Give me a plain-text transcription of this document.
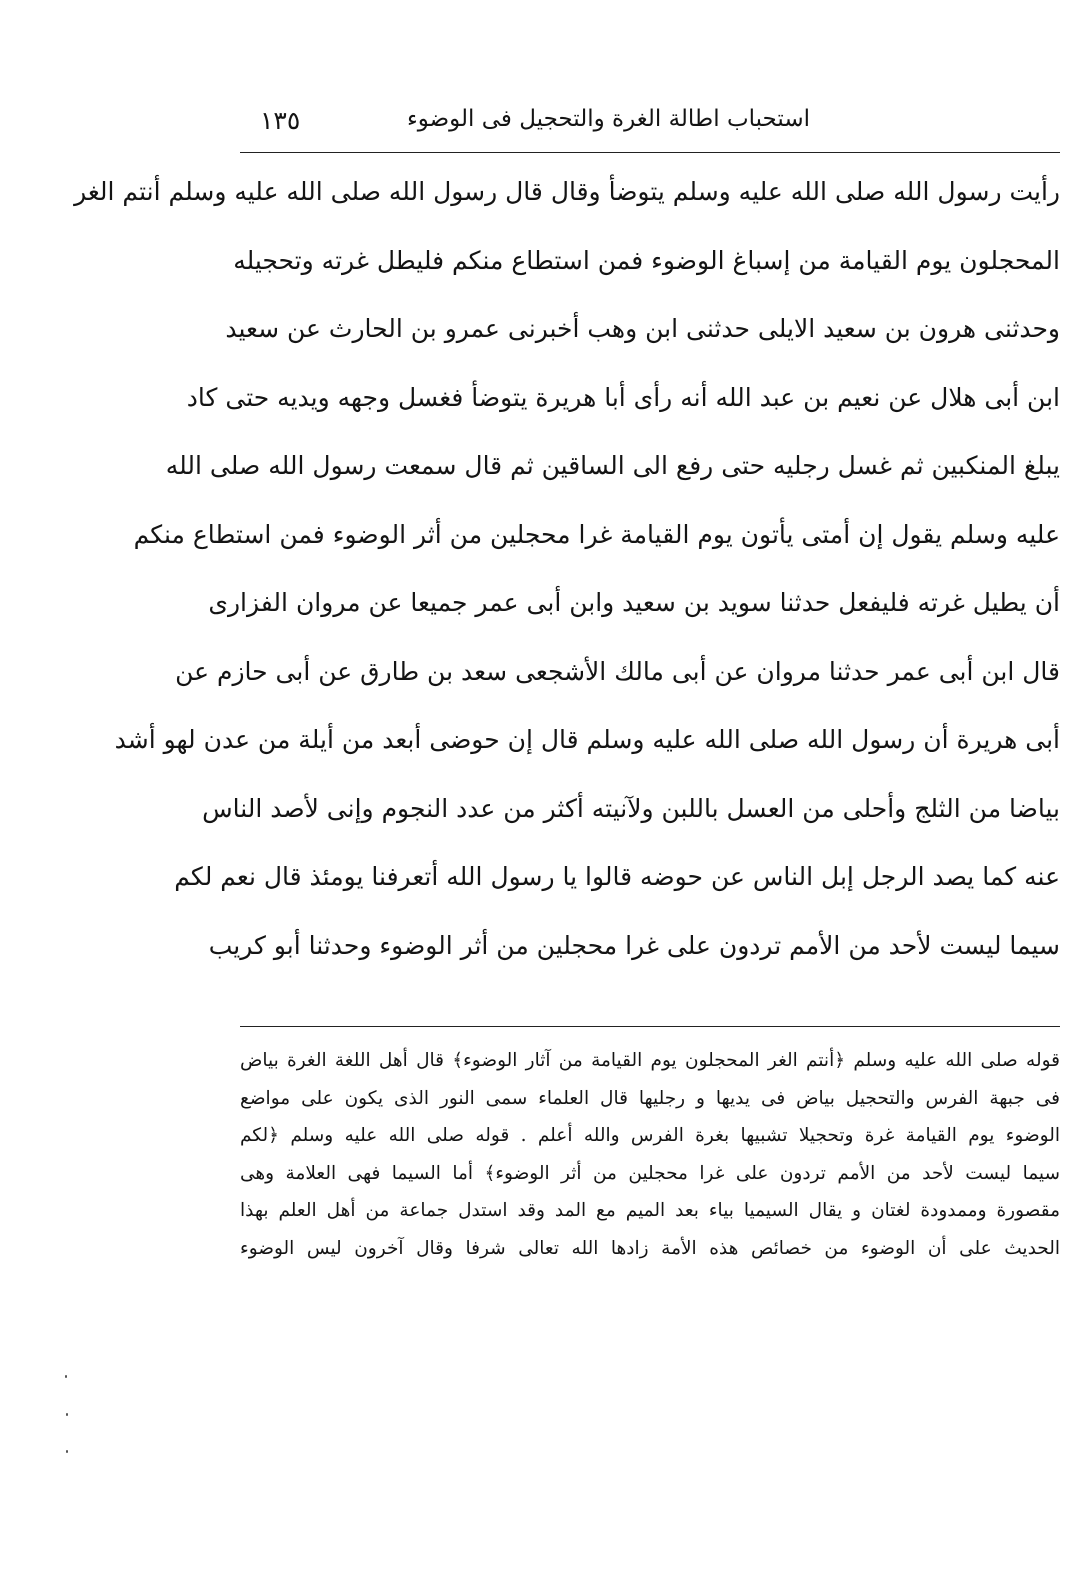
استحباب اطالة الغرة والتحجيل فى الوضوء
١٣٥
رأيت رسول الله صلى الله عليه وسلم يتوضأ وقال قال رسول الله صلى الله عليه وسلم أنتم الغر
المحجلون يوم القيامة من إسباغ الوضوء فمن استطاع منكم فليطل غرته وتحجيله
وحدثنى هرون بن سعيد الايلى حدثنى ابن وهب أخبرنى عمرو بن الحارث عن سعيد
ابن أبى هلال عن نعيم بن عبد الله أنه رأى أبا هريرة يتوضأ فغسل وجهه ويديه حتى كاد
يبلغ المنكبين ثم غسل رجليه حتى رفع الى الساقين ثم قال سمعت رسول الله صلى الله
عليه وسلم يقول إن أمتى يأتون يوم القيامة غرا محجلين من أثر الوضوء فمن استطاع منكم
أن يطيل غرته فليفعل حدثنا سويد بن سعيد وابن أبى عمر جميعا عن مروان الفزارى
قال ابن أبى عمر حدثنا مروان عن أبى مالك الأشجعى سعد بن طارق عن أبى حازم عن
أبى هريرة أن رسول الله صلى الله عليه وسلم قال إن حوضى أبعد من أيلة من عدن لهو أشد
بياضا من الثلج وأحلى من العسل باللبن ولآنيته أكثر من عدد النجوم وإنى لأصد الناس
عنه كما يصد الرجل إبل الناس عن حوضه قالوا يا رسول الله أتعرفنا يومئذ قال نعم لكم
سيما ليست لأحد من الأمم تردون على غرا محجلين من أثر الوضوء وحدثنا أبو كريب
قوله صلى الله عليه وسلم ﴿أنتم الغر المحجلون يوم القيامة من آثار الوضوء﴾ قال أهل اللغة الغرة بياض
فى جبهة الفرس والتحجيل بياض فى يديها و رجليها قال العلماء سمى النور الذى يكون على مواضع
الوضوء يوم القيامة غرة وتحجيلا تشبيها بغرة الفرس والله أعلم . قوله صلى الله عليه وسلم ﴿لكم
سيما ليست لأحد من الأمم تردون على غرا محجلين من أثر الوضوء﴾ أما السيما فهى العلامة وهى
مقصورة وممدودة لغتان و يقال السيميا بياء بعد الميم مع المد وقد استدل جماعة من أهل العلم بهذا
الحديث على أن الوضوء من خصائص هذه الأمة زادها الله تعالى شرفا وقال آخرون ليس الوضوء
